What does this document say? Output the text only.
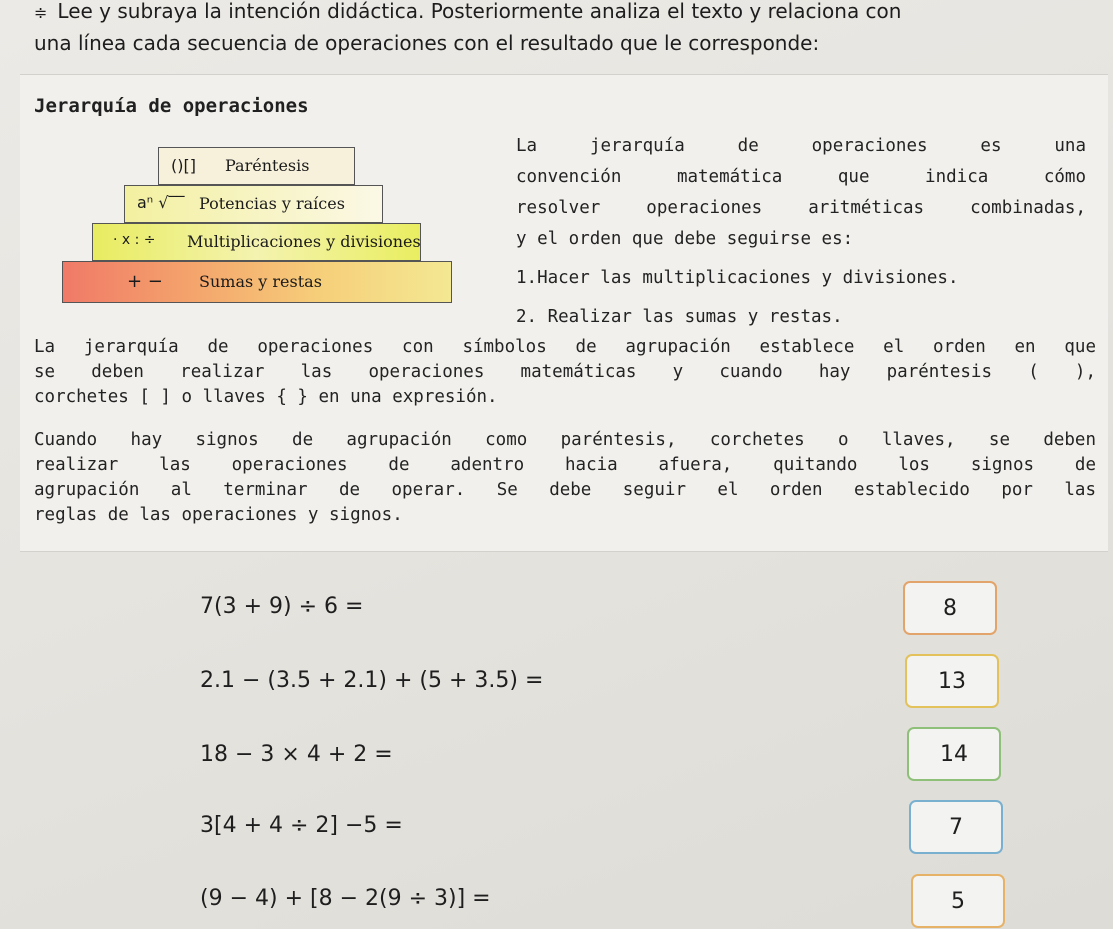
≑ Lee y subraya la intención didáctica. Posteriormente analiza el texto y relaciona con
una línea cada secuencia de operaciones con el resultado que le corresponde:
Jerarquía de operaciones
()[] Paréntesis
aⁿ √‾‾ Potencias y raíces
· x : ÷ Multiplicaciones y divisiones
+ − Sumas y restas
La jerarquía de operaciones es una
convención matemática que indica cómo
resolver operaciones aritméticas combinadas,
y el orden que debe seguirse es:
1.Hacer las multiplicaciones y divisiones.
2. Realizar las sumas y restas.
La jerarquía de operaciones con símbolos de agrupación establece el orden en que
se deben realizar las operaciones matemáticas y cuando hay paréntesis ( ),
corchetes [ ] o llaves { } en una expresión.
Cuando hay signos de agrupación como paréntesis, corchetes o llaves, se deben
realizar las operaciones de adentro hacia afuera, quitando los signos de
agrupación al terminar de operar. Se debe seguir el orden establecido por las
reglas de las operaciones y signos.
7(3 + 9) ÷ 6 =	8
2.1 − (3.5 + 2.1) + (5 + 3.5) =	13
18 − 3 × 4 + 2 =	14
3[4 + 4 ÷ 2] −5 =	7
(9 − 4) + [8 − 2(9 ÷ 3)] =	5
